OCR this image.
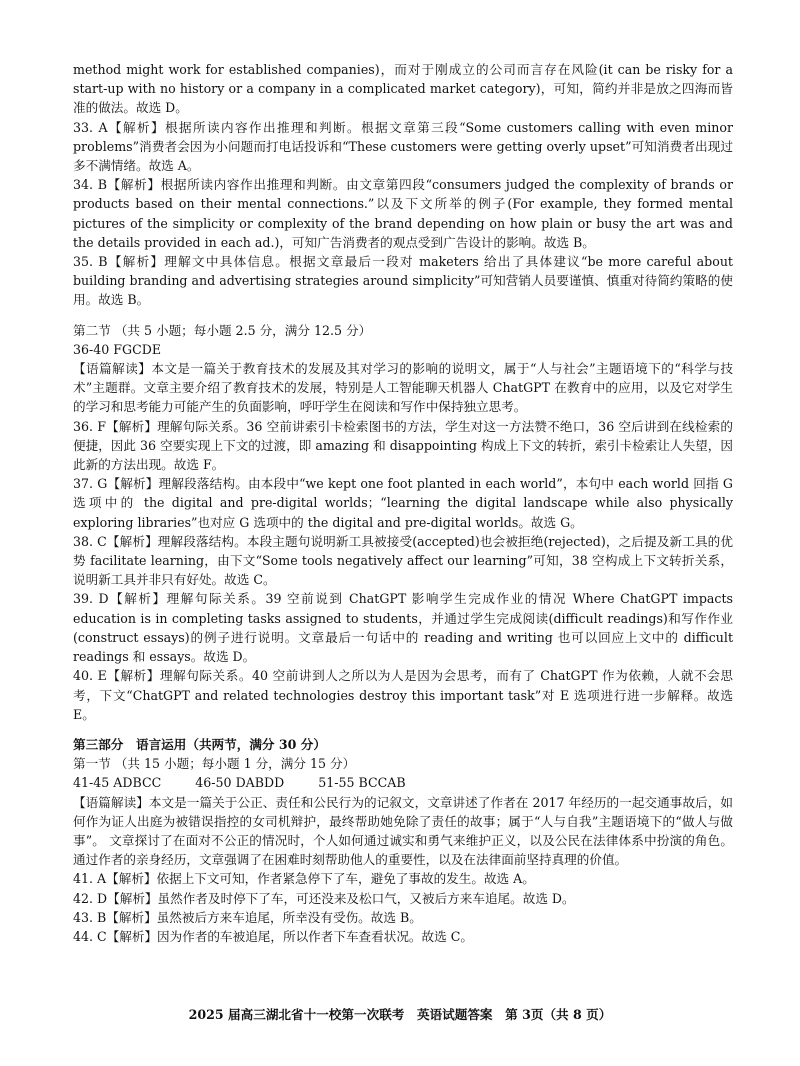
method might work for established companies)，而对于刚成立的公司而言存在风险(it can be risky for a start-up with no history or a company in a complicated market category)，可知，简约并非是放之四海而皆准的做法。故选 D。

33. A【解析】根据所读内容作出推理和判断。根据文章第三段“Some customers calling with even minor problems”消费者会因为小问题而打电话投诉和“These customers were getting overly upset”可知消费者出现过多不满情绪。故选 A。

34. B【解析】根据所读内容作出推理和判断。由文章第四段“consumers judged the complexity of brands or products based on their mental connections.”以及下文所举的例子(For example, they formed mental pictures of the simplicity or complexity of the brand depending on how plain or busy the art was and the details provided in each ad.)，可知广告消费者的观点受到广告设计的影响。故选 B。

35. B【解析】理解文中具体信息。根据文章最后一段对 maketers 给出了具体建议“be more careful about building branding and advertising strategies around simplicity”可知营销人员要谨慎、慎重对待简约策略的使用。故选 B。

第二节 （共 5 小题；每小题 2.5 分，满分 12.5 分）

36-40 FGCDE

【语篇解读】本文是一篇关于教育技术的发展及其对学习的影响的说明文，属于“人与社会”主题语境下的“科学与技术”主题群。文章主要介绍了教育技术的发展，特别是人工智能聊天机器人 ChatGPT 在教育中的应用，以及它对学生的学习和思考能力可能产生的负面影响，呼吁学生在阅读和写作中保持独立思考。

36. F【解析】理解句际关系。36 空前讲索引卡检索图书的方法，学生对这一方法赞不绝口，36 空后讲到在线检索的便捷，因此 36 空要实现上下文的过渡，即 amazing 和 disappointing 构成上下文的转折，索引卡检索让人失望，因此新的方法出现。故选 F。

37. G【解析】理解段落结构。由本段中“we kept one foot planted in each world”，本句中 each world 回指 G 选项中的 the digital and pre-digital worlds；“learning the digital landscape while also physically exploring libraries”也对应 G 选项中的 the digital and pre-digital worlds。故选 G。

38. C【解析】理解段落结构。本段主题句说明新工具被接受(accepted)也会被拒绝(rejected)，之后提及新工具的优势 facilitate learning，由下文“Some tools negatively affect our learning”可知，38 空构成上下文转折关系，说明新工具并非只有好处。故选 C。

39. D【解析】理解句际关系。39 空前说到 ChatGPT 影响学生完成作业的情况 Where ChatGPT impacts education is in completing tasks assigned to students，并通过学生完成阅读(difficult readings)和写作作业(construct essays)的例子进行说明。文章最后一句话中的 reading and writing 也可以回应上文中的 difficult readings 和 essays。故选 D。

40. E【解析】理解句际关系。40 空前讲到人之所以为人是因为会思考，而有了 ChatGPT 作为依赖，人就不会思考，下文“ChatGPT and related technologies destroy this important task”对 E 选项进行进一步解释。故选 E。

第三部分　语言运用（共两节，满分 30 分）

第一节 （共 15 小题；每小题 1 分，满分 15 分）

41-45 ADBCC	46-50 DABDD	51-55 BCCAB

【语篇解读】本文是一篇关于公正、责任和公民行为的记叙文，文章讲述了作者在 2017 年经历的一起交通事故后，如何作为证人出庭为被错误指控的女司机辩护，最终帮助她免除了责任的故事；属于“人与自我”主题语境下的“做人与做事”。 文章探讨了在面对不公正的情况时，个人如何通过诚实和勇气来维护正义，以及公民在法律体系中扮演的角色。通过作者的亲身经历，文章强调了在困难时刻帮助他人的重要性，以及在法律面前坚持真理的价值。

41. A【解析】依据上下文可知，作者紧急停下了车，避免了事故的发生。故选 A。

42. D【解析】虽然作者及时停下了车，可还没来及松口气，又被后方来车追尾。故选 D。

43. B【解析】虽然被后方来车追尾，所幸没有受伤。故选 B。

44. C【解析】因为作者的车被追尾，所以作者下车查看状况。故选 C。

2025 届高三湖北省十一校第一次联考　英语试题答案　第 3页（共 8 页）
